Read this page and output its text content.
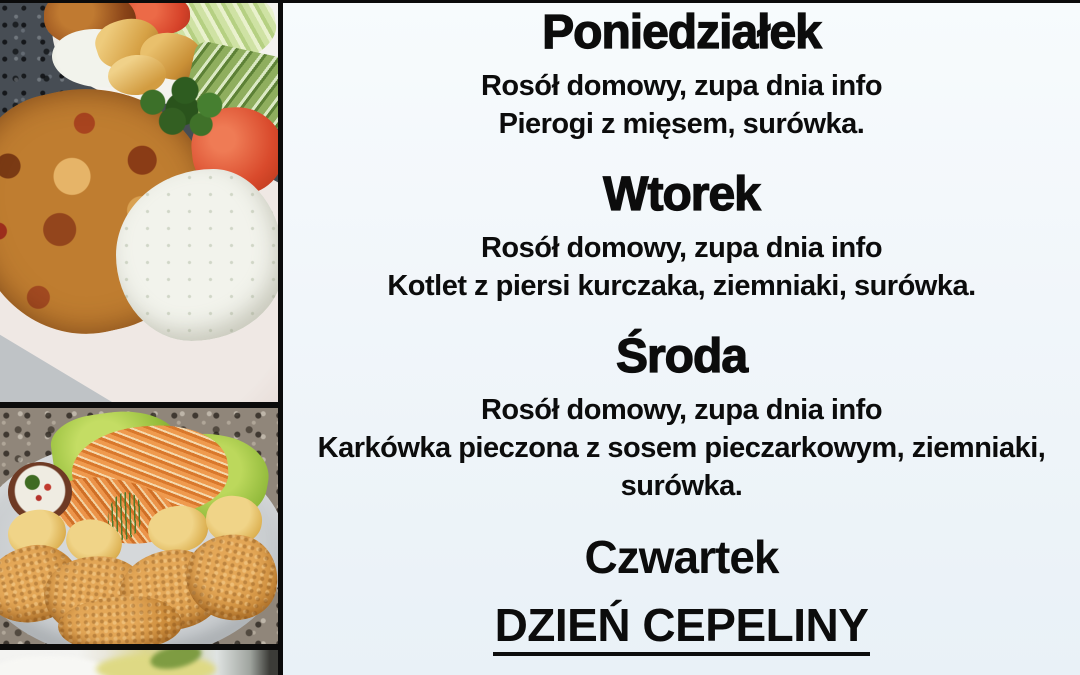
Poniedziałek

Rosół domowy, zupa dnia info

Pierogi z mięsem, surówka.

Wtorek

Rosół domowy, zupa dnia info

Kotlet z piersi kurczaka, ziemniaki, surówka.

Środa

Rosół domowy, zupa dnia info

Karkówka pieczona z sosem pieczarkowym, ziemniaki, surówka.

Czwartek

DZIEŃ CEPELINY
